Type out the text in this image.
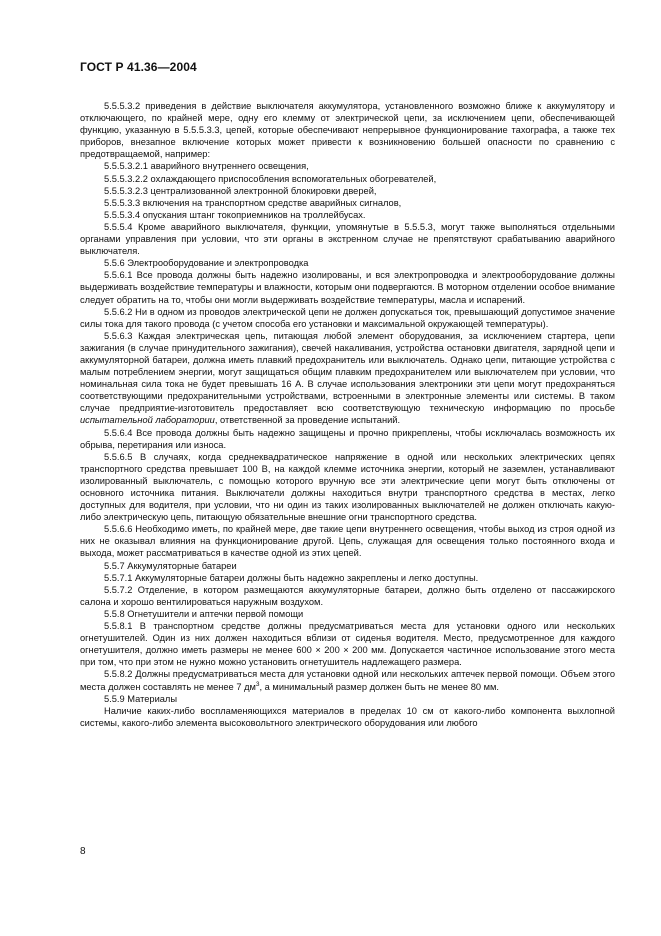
ГОСТ Р 41.36—2004

5.5.5.3.2 приведения в действие выключателя аккумулятора, установленного возможно ближе к аккумулятору и отключающего, по крайней мере, одну его клемму от электрической цепи, за исключением цепи, обеспечивающей функцию, указанную в 5.5.5.3.3, цепей, которые обеспечивают непрерывное функционирование тахографа, а также тех приборов, внезапное включение которых может привести к возникновению большей опасности по сравнению с предотвращаемой, например:

5.5.5.3.2.1 аварийного внутреннего освещения,

5.5.5.3.2.2 охлаждающего приспособления вспомогательных обогревателей,

5.5.5.3.2.3 централизованной электронной блокировки дверей,

5.5.5.3.3 включения на транспортном средстве аварийных сигналов,

5.5.5.3.4 опускания штанг токоприемников на троллейбусах.

5.5.5.4 Кроме аварийного выключателя, функции, упомянутые в 5.5.5.3, могут также выполняться отдельными органами управления при условии, что эти органы в экстренном случае не препятствуют срабатыванию аварийного выключателя.

5.5.6 Электрооборудование и электропроводка

5.5.6.1 Все провода должны быть надежно изолированы, и вся электропроводка и электрооборудование должны выдерживать воздействие температуры и влажности, которым они подвергаются. В моторном отделении особое внимание следует обратить на то, чтобы они могли выдерживать воздействие температуры, масла и испарений.

5.5.6.2 Ни в одном из проводов электрической цепи не должен допускаться ток, превышающий допустимое значение силы тока для такого провода (с учетом способа его установки и максимальной окружающей температуры).

5.5.6.3 Каждая электрическая цепь, питающая любой элемент оборудования, за исключением стартера, цепи зажигания (в случае принудительного зажигания), свечей накаливания, устройства остановки двигателя, зарядной цепи и аккумуляторной батареи, должна иметь плавкий предохранитель или выключатель. Однако цепи, питающие устройства с малым потреблением энергии, могут защищаться общим плавким предохранителем или выключателем при условии, что номинальная сила тока не будет превышать 16 А. В случае использования электроники эти цепи могут предохраняться соответствующими предохранительными устройствами, встроенными в электронные элементы или системы. В таком случае предприятие-изготовитель предоставляет всю соответствующую техническую информацию по просьбе испытательной лаборатории, ответственной за проведение испытаний.

5.5.6.4 Все провода должны быть надежно защищены и прочно прикреплены, чтобы исключалась возможность их обрыва, перетирания или износа.

5.5.6.5 В случаях, когда среднеквадратическое напряжение в одной или нескольких электрических цепях транспортного средства превышает 100 В, на каждой клемме источника энергии, который не заземлен, устанавливают изолированный выключатель, с помощью которого вручную все эти электрические цепи могут быть отключены от основного источника питания. Выключатели должны находиться внутри транспортного средства в местах, легко доступных для водителя, при условии, что ни один из таких изолированных выключателей не должен отключать какую-либо электрическую цепь, питающую обязательные внешние огни транспортного средства.

5.5.6.6 Необходимо иметь, по крайней мере, две такие цепи внутреннего освещения, чтобы выход из строя одной из них не оказывал влияния на функционирование другой. Цепь, служащая для освещения только постоянного входа и выхода, может рассматриваться в качестве одной из этих цепей.

5.5.7 Аккумуляторные батареи

5.5.7.1 Аккумуляторные батареи должны быть надежно закреплены и легко доступны.

5.5.7.2 Отделение, в котором размещаются аккумуляторные батареи, должно быть отделено от пассажирского салона и хорошо вентилироваться наружным воздухом.

5.5.8 Огнетушители и аптечки первой помощи

5.5.8.1 В транспортном средстве должны предусматриваться места для установки одного или нескольких огнетушителей. Один из них должен находиться вблизи от сиденья водителя. Место, предусмотренное для каждого огнетушителя, должно иметь размеры не менее 600 × 200 × 200 мм. Допускается частичное использование этого места при том, что при этом не нужно можно установить огнетушитель надлежащего размера.

5.5.8.2 Должны предусматриваться места для установки одной или нескольких аптечек первой помощи. Объем этого места должен составлять не менее 7 $дм^3$, а минимальный размер должен быть не менее 80 мм.

5.5.9 Материалы

Наличие каких-либо воспламеняющихся материалов в пределах 10 см от какого-либо компонента выхлопной системы, какого-либо элемента высоковольтного электрического оборудования или любого

8
